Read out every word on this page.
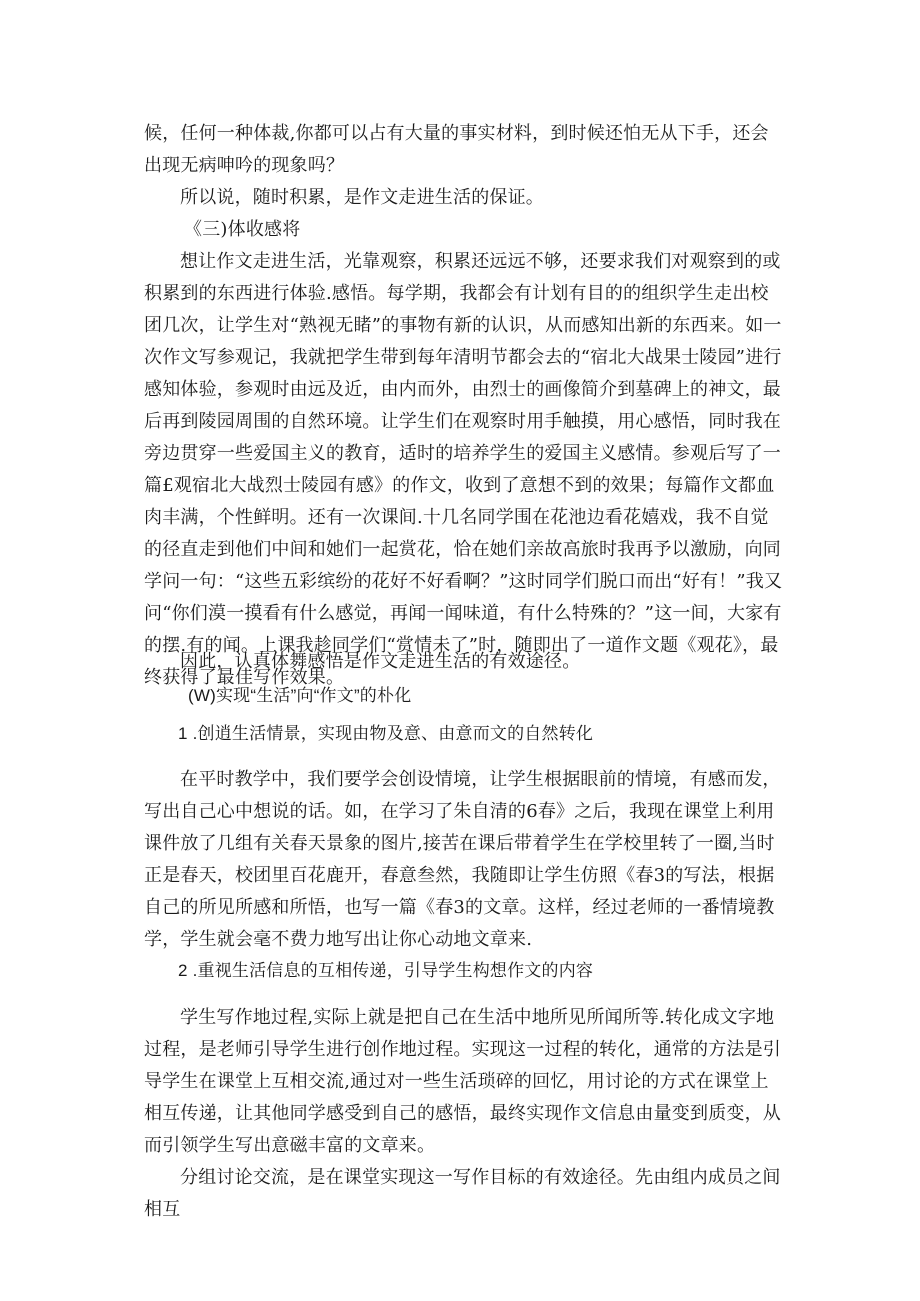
候，任何一种体裁,你都可以占有大量的事实材料，到时候还怕无从下手，还会出现无病呻吟的现象吗？

所以说，随时积累，是作文走进生活的保证。

《三)体收感将

想让作文走进生活，光靠观察，积累还远远不够，还要求我们对观察到的或积累到的东西进行体验.感悟。每学期，我都会有计划有目的的组织学生走出校团几次，让学生对“熟视无睹”的事物有新的认识，从而感知出新的东西来。如一次作文写参观记，我就把学生带到每年清明节都会去的“宿北大战果士陵园”进行感知体验，参观时由远及近，由内而外，由烈士的画像简介到墓碑上的神文，最后再到陵园周围的自然环境。让学生们在观察时用手触摸，用心感悟，同时我在旁边贯穿一些爱国主义的教育，适时的培养学生的爱国主义感情。参观后写了一篇£观宿北大战烈士陵园有感》的作文，收到了意想不到的效果；每篇作文都血肉丰满，个性鲜明。还有一次课间.十几名同学围在花池边看花嬉戏，我不自觉的径直走到他们中间和她们一起赏花，恰在她们亲故高旅时我再予以激励，向同学问一句：“这些五彩缤纷的花好不好看啊？”这时同学们脱口而出“好有！”我又问“你们漠一摸看有什么感觉，再闻一闻味道，有什么特殊的？”这一间，大家有的摆.有的闻。上课我趁同学们“赏情未了”时，随即出了一道作文题《观花》，最终获得了最佳写作效果。

因此，认真体舞感悟是作文走进生活的有效途径。

(W)实现“生活”向“作文”的朴化

1 .创逍生活情景，实现由物及意、由意而文的自然转化

在平时教学中，我们要学会创设情境，让学生根据眼前的情境，有感而发，写出自己心中想说的话。如，在学习了朱自清的6春》之后，我现在课堂上利用课件放了几组有关春天景象的图片,接苦在课后带着学生在学校里转了一圈,当时正是春天，校团里百花鹿开，春意叁然，我随即让学生仿照《春3的写法，根据自己的所见所感和所悟，也写一篇《春3的文章。这样，经过老师的一番情境教学，学生就会毫不费力地写出让你心动地文章来.

2 .重视生活信息的互相传递，引导学生构想作文的内容

学生写作地过程,实际上就是把自己在生活中地所见所闻所等.转化成文字地过程，是老师引导学生进行创作地过程。实现这一过程的转化，通常的方法是引导学生在课堂上互相交流,通过对一些生活琐碎的回忆，用讨论的方式在课堂上相互传递，让其他同学感受到自己的感悟，最终实现作文信息由量变到质变，从而引领学生写出意磁丰富的文章来。

分组讨论交流，是在课堂实现这一写作目标的有效途径。先由组内成员之间相互
